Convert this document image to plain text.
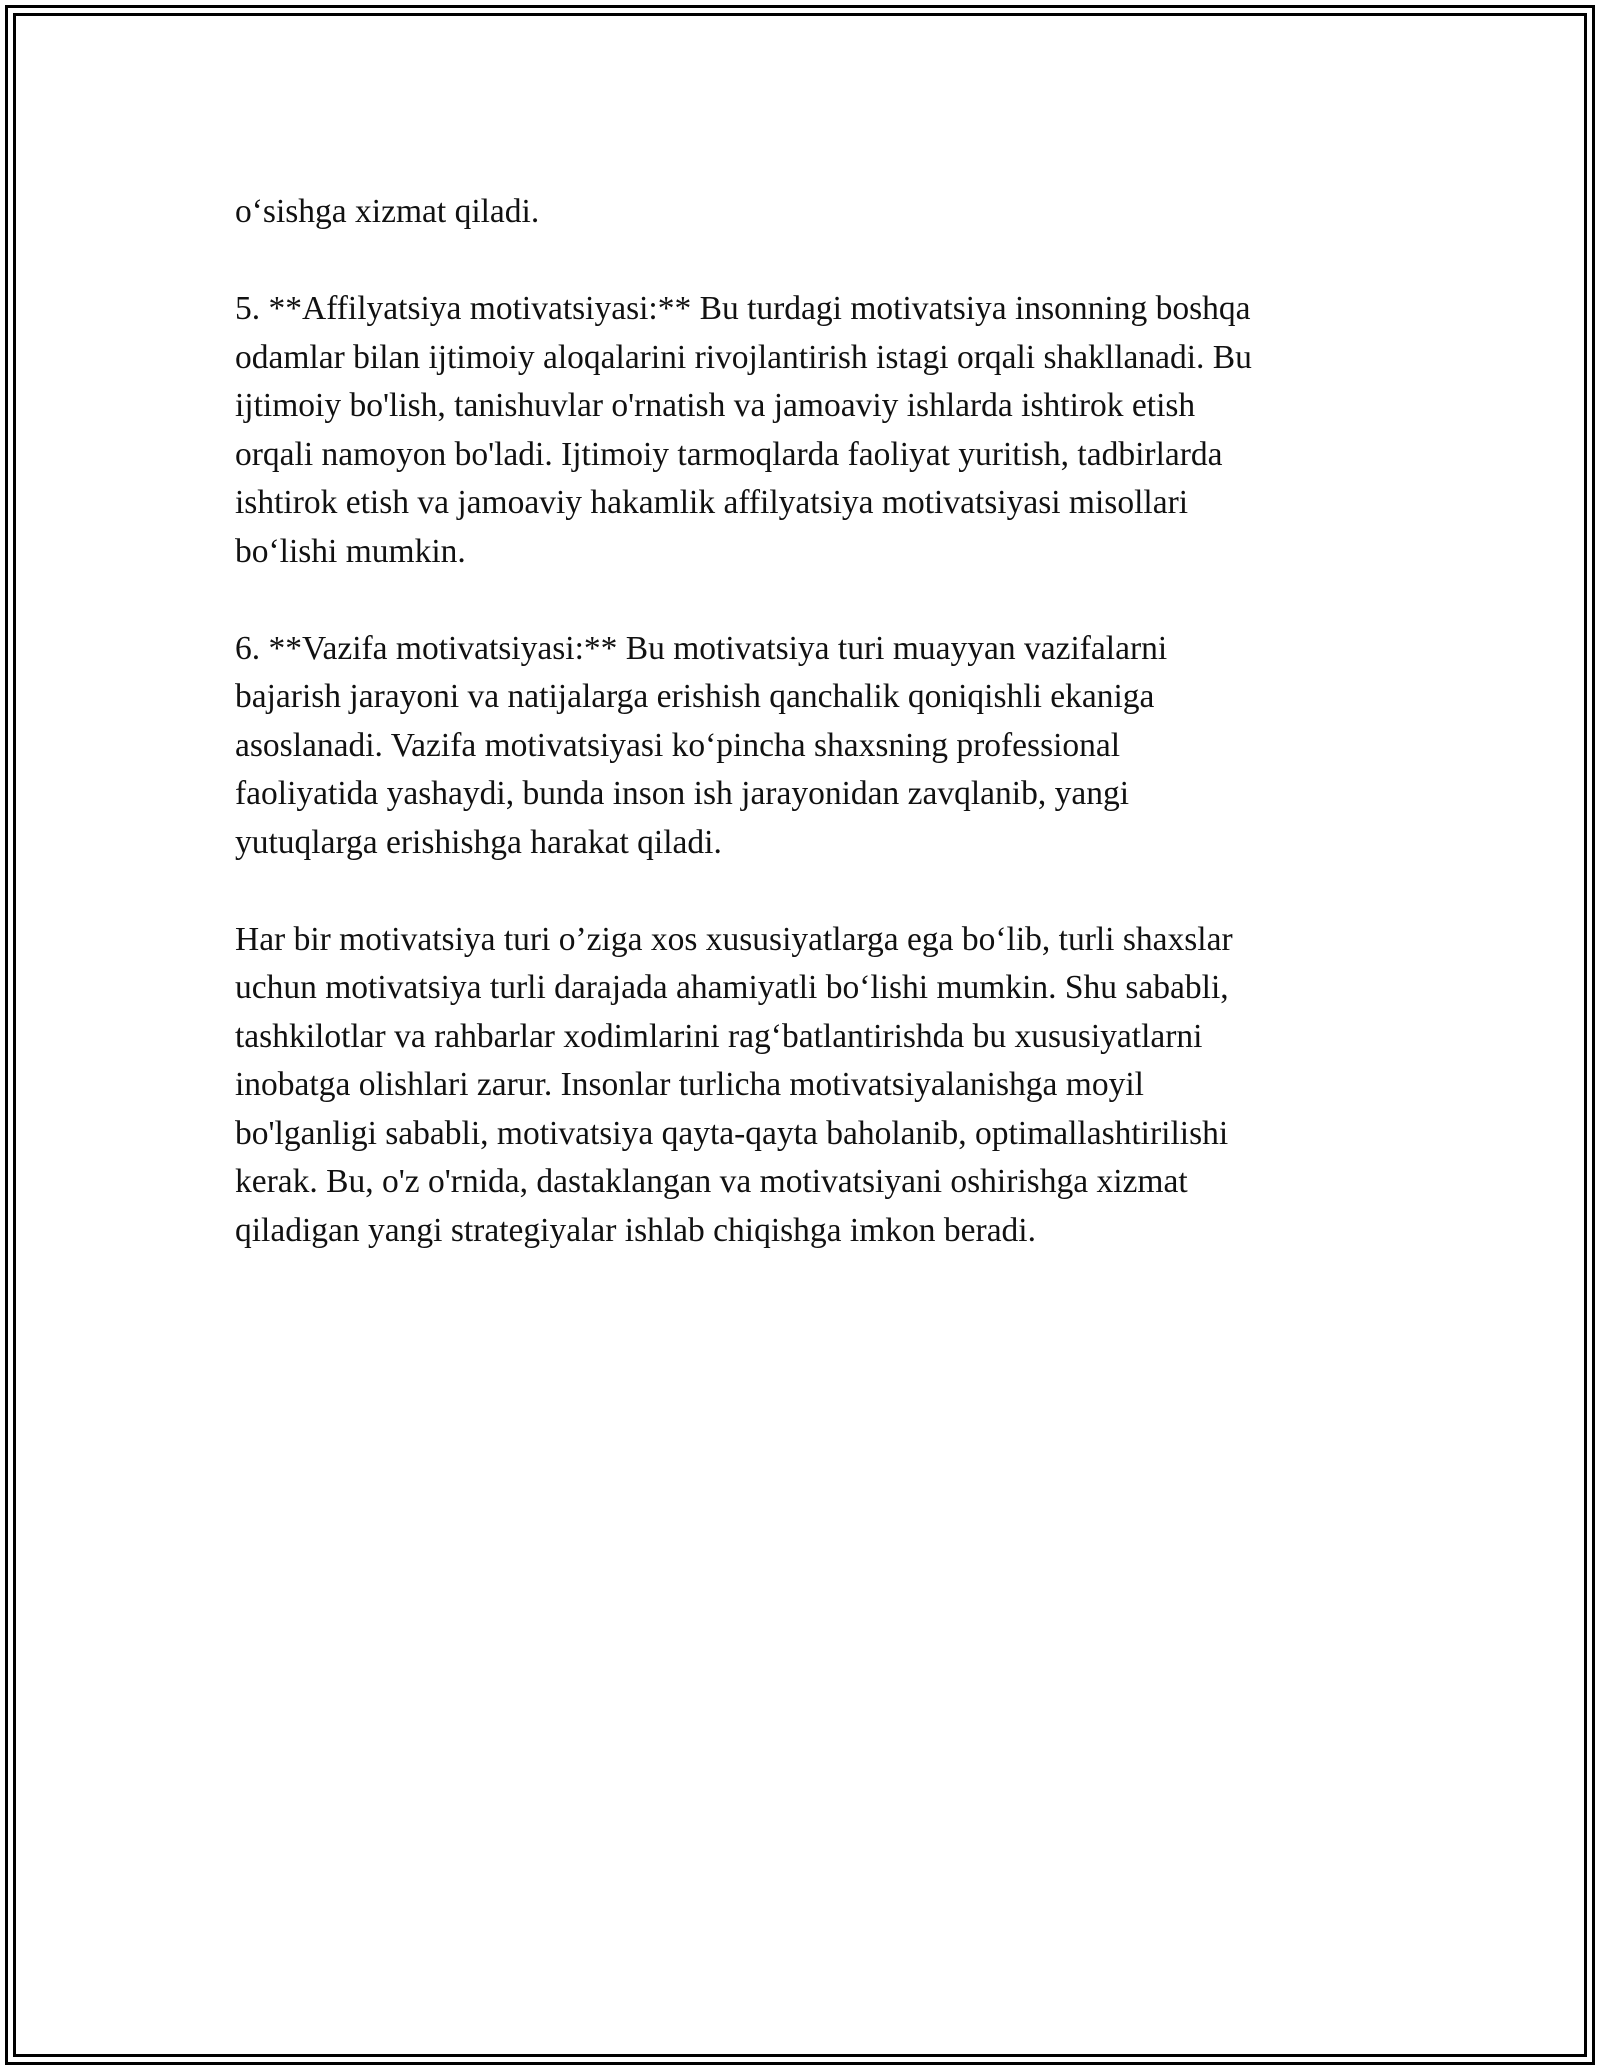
o‘sishga xizmat qiladi.

5. **Affilyatsiya motivatsiyasi:** Bu turdagi motivatsiya insonning boshqa
odamlar bilan ijtimoiy aloqalarini rivojlantirish istagi orqali shakllanadi. Bu
ijtimoiy bo'lish, tanishuvlar o'rnatish va jamoaviy ishlarda ishtirok etish
orqali namoyon bo'ladi. Ijtimoiy tarmoqlarda faoliyat yuritish, tadbirlarda
ishtirok etish va jamoaviy hakamlik affilyatsiya motivatsiyasi misollari
bo‘lishi mumkin.

6. **Vazifa motivatsiyasi:** Bu motivatsiya turi muayyan vazifalarni
bajarish jarayoni va natijalarga erishish qanchalik qoniqishli ekaniga
asoslanadi. Vazifa motivatsiyasi ko‘pincha shaxsning professional
faoliyatida yashaydi, bunda inson ish jarayonidan zavqlanib, yangi
yutuqlarga erishishga harakat qiladi.

Har bir motivatsiya turi o’ziga xos xususiyatlarga ega bo‘lib, turli shaxslar
uchun motivatsiya turli darajada ahamiyatli bo‘lishi mumkin. Shu sababli,
tashkilotlar va rahbarlar xodimlarini rag‘batlantirishda bu xususiyatlarni
inobatga olishlari zarur. Insonlar turlicha motivatsiyalanishga moyil
bo'lganligi sababli, motivatsiya qayta-qayta baholanib, optimallashtirilishi
kerak. Bu, o'z o'rnida, dastaklangan va motivatsiyani oshirishga xizmat
qiladigan yangi strategiyalar ishlab chiqishga imkon beradi.
